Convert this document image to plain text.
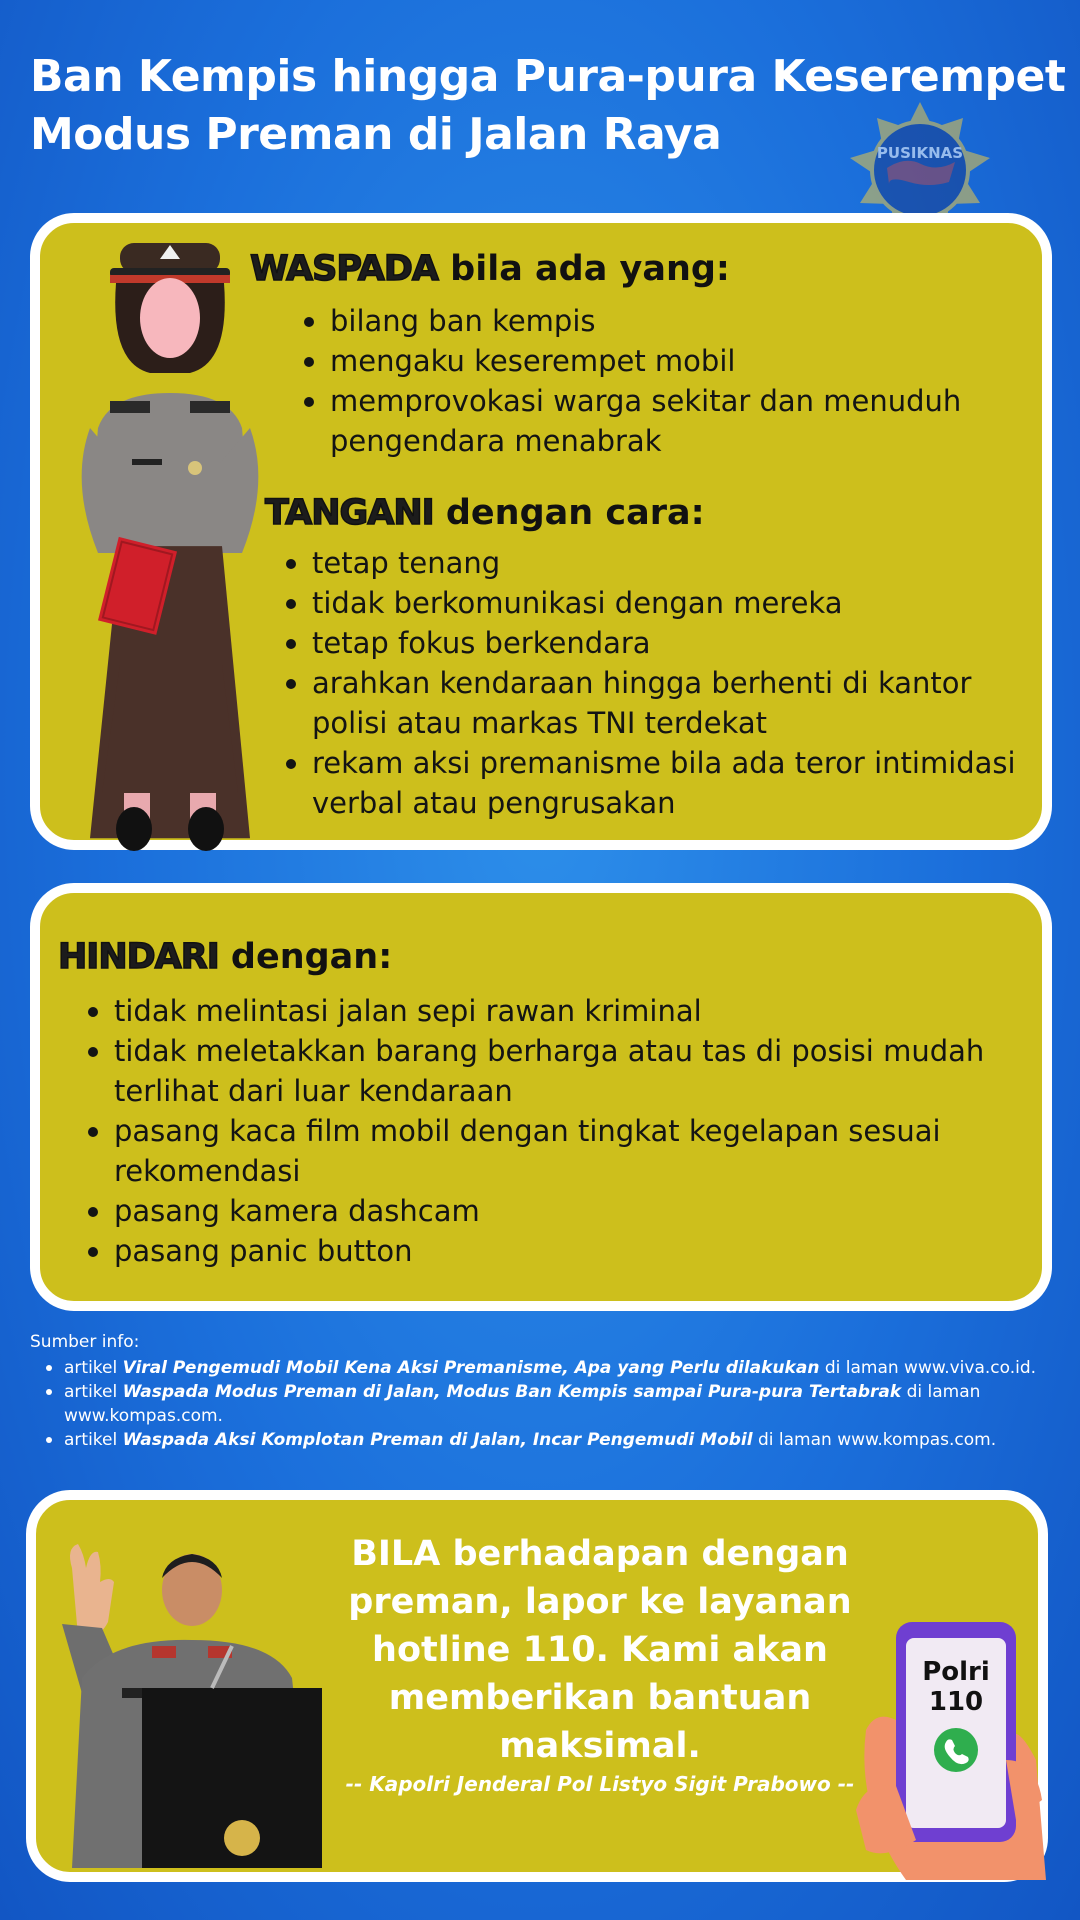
Ban Kempis hingga Pura-pura Keserempet
Modus Preman di Jalan Raya	PUSIKNAS
WASPADA bila ada yang:
bilang ban kempis
mengaku keserempet mobil
memprovokasi warga sekitar dan menuduh pengendara menabrak
TANGANI dengan cara:
tetap tenang
tidak berkomunikasi dengan mereka
tetap fokus berkendara
arahkan kendaraan hingga berhenti di kantor polisi atau markas TNI terdekat
rekam aksi premanisme bila ada teror intimidasi verbal atau pengrusakan
HINDARI dengan:
tidak melintasi jalan sepi rawan kriminal
tidak meletakkan barang berharga atau tas di posisi mudah terlihat dari luar kendaraan
pasang kaca film mobil dengan tingkat kegelapan sesuai rekomendasi
pasang kamera dashcam
pasang panic button
Sumber info:
artikel Viral Pengemudi Mobil Kena Aksi Premanisme, Apa yang Perlu dilakukan di laman www.viva.co.id.
artikel Waspada Modus Preman di Jalan, Modus Ban Kempis sampai Pura-pura Tertabrak di laman www.kompas.com.
artikel Waspada Aksi Komplotan Preman di Jalan, Incar Pengemudi Mobil di laman www.kompas.com.
BILA berhadapan dengan preman, lapor ke layanan hotline 110. Kami akan memberikan bantuan maksimal.
-- Kapolri Jenderal Pol Listyo Sigit Prabowo --
Polri
110
